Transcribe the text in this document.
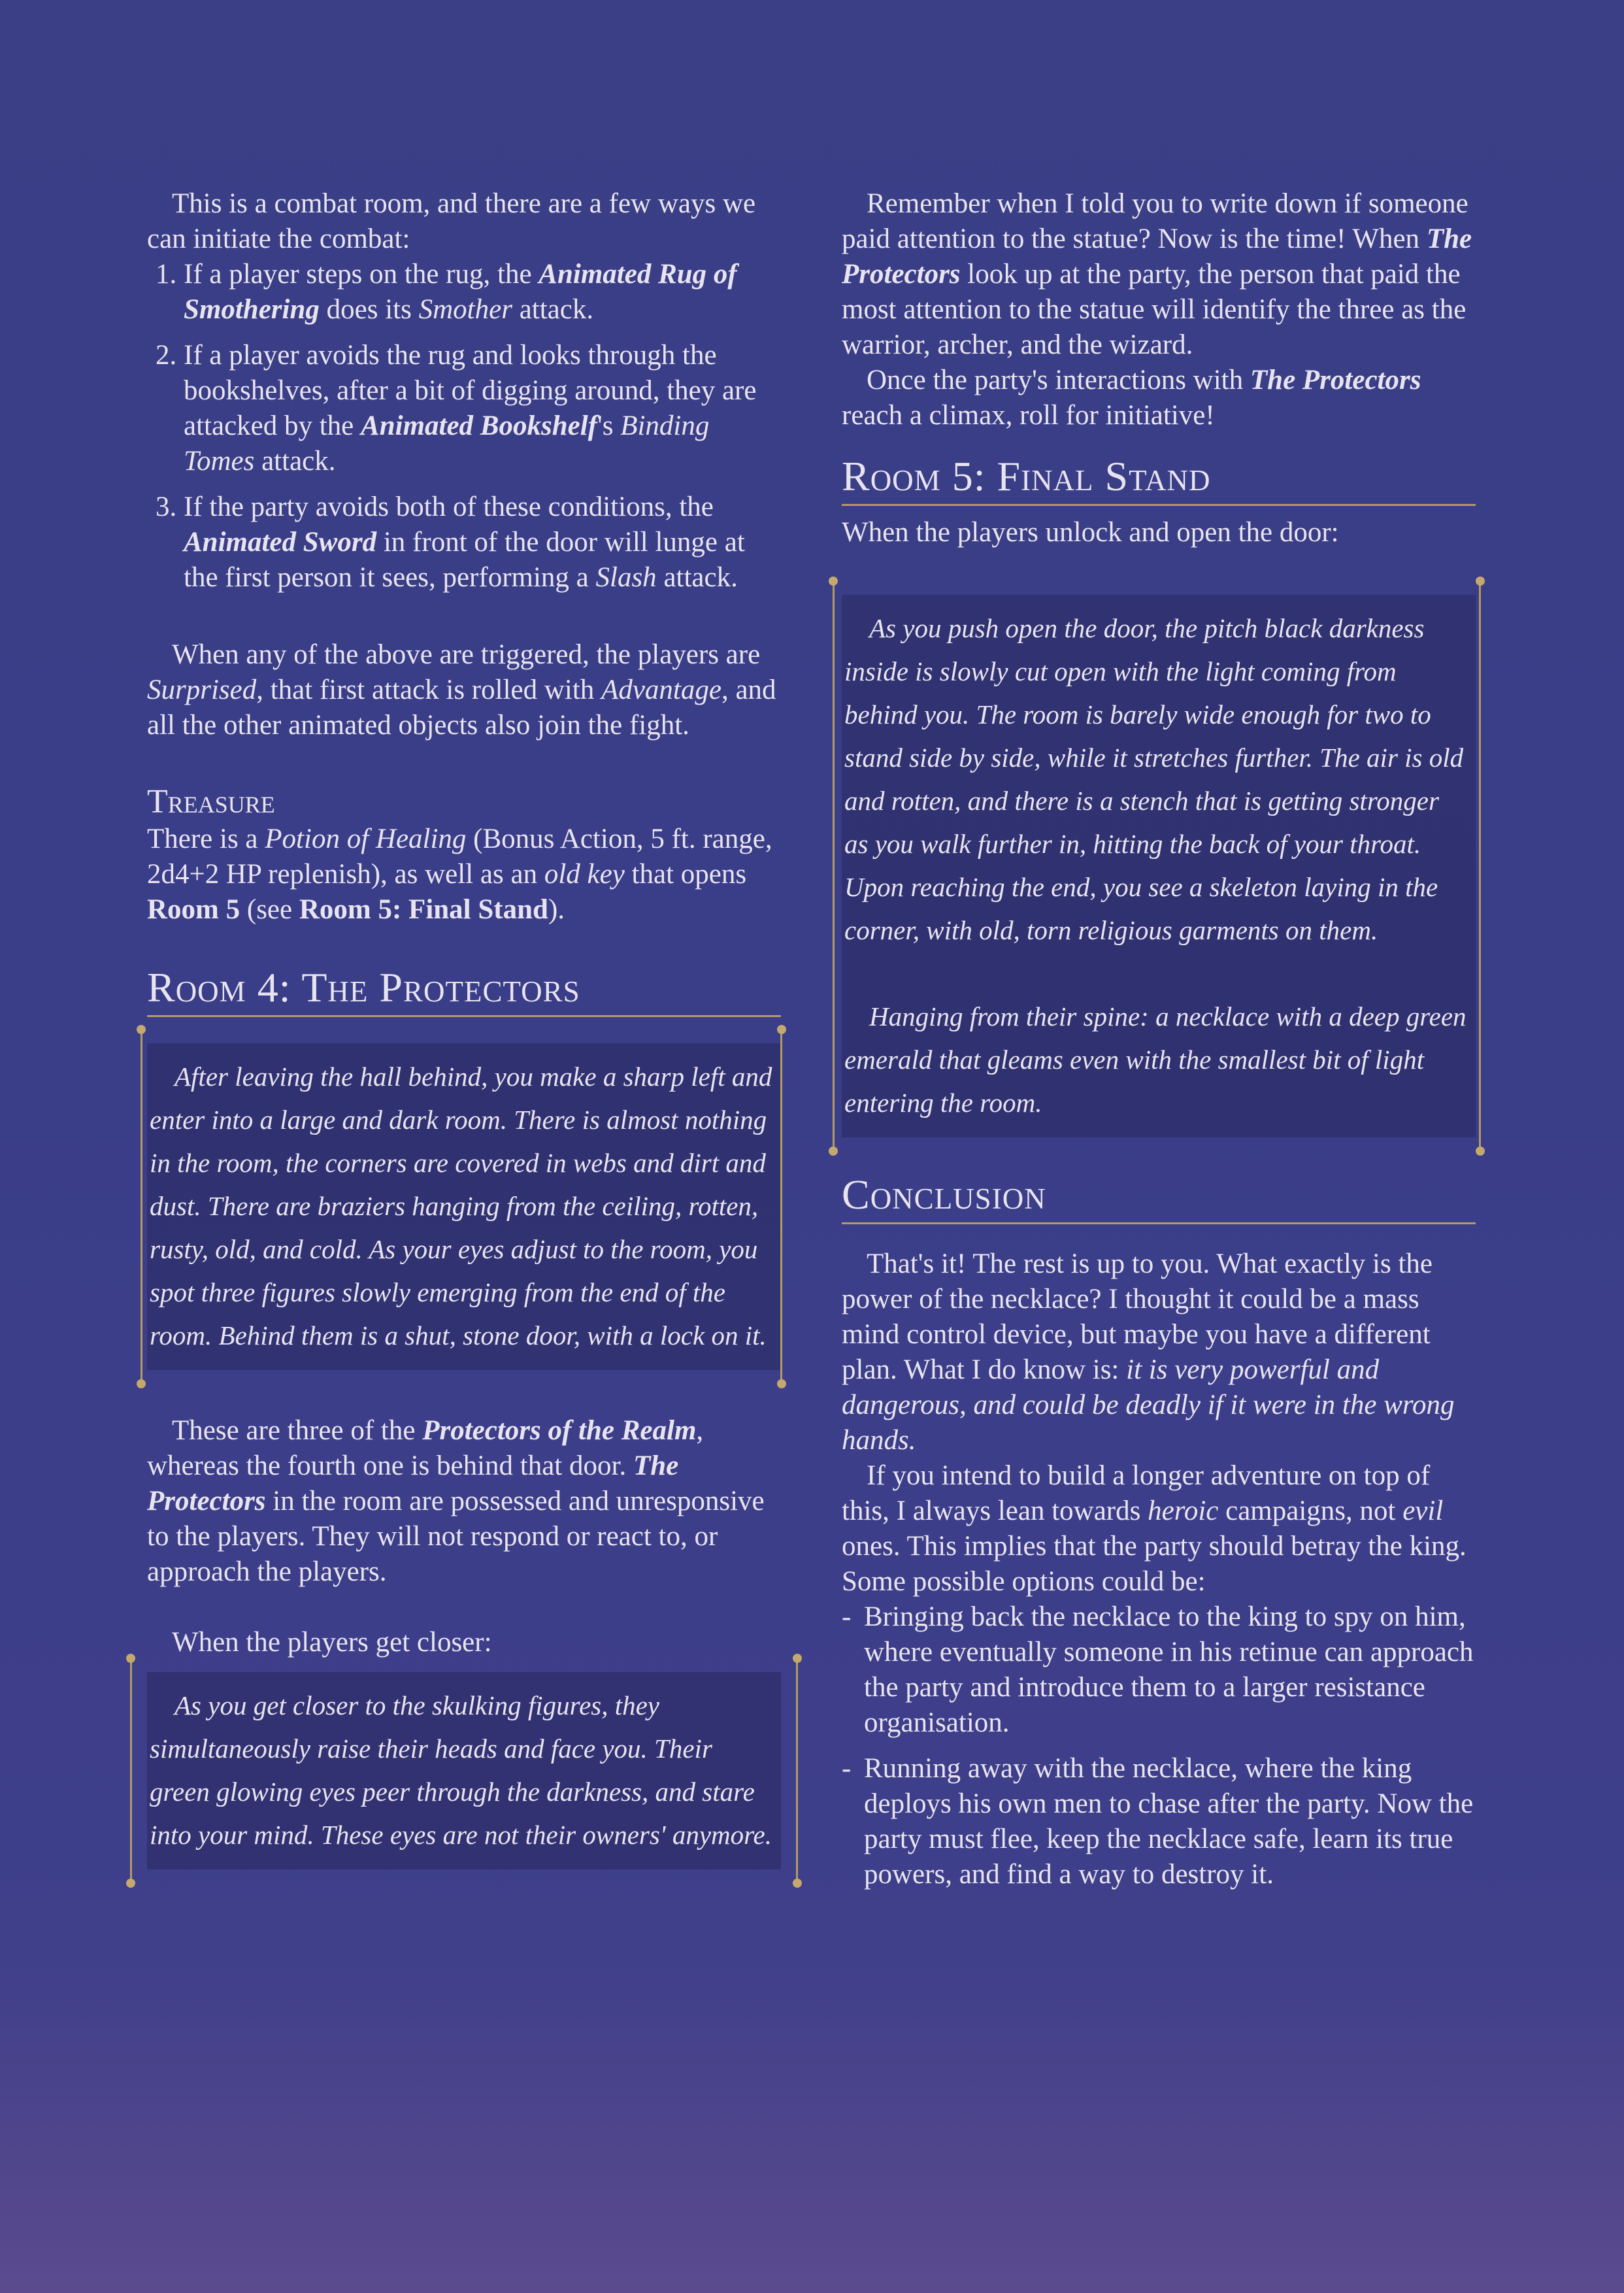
This is a combat room, and there are a few ways we can initiate the combat:

1. If a player steps on the rug, the Animated Rug of Smothering does its Smother attack.
2. If a player avoids the rug and looks through the bookshelves, after a bit of digging around, they are attacked by the Animated Bookshelf's Binding Tomes attack.
3. If the party avoids both of these conditions, the Animated Sword in front of the door will lunge at the first person it sees, performing a Slash attack.

When any of the above are triggered, the players are Surprised, that first attack is rolled with Advantage, and all the other animated objects also join the fight.

Treasure

There is a Potion of Healing (Bonus Action, 5 ft. range, 2d4+2 HP replenish), as well as an old key that opens Room 5 (see Room 5: Final Stand).

Room 4: The Protectors

After leaving the hall behind, you make a sharp left and enter into a large and dark room. There is almost nothing in the room, the corners are covered in webs and dirt and dust. There are braziers hanging from the ceiling, rotten, rusty, old, and cold. As your eyes adjust to the room, you spot three figures slowly emerging from the end of the room. Behind them is a shut, stone door, with a lock on it.

These are three of the Protectors of the Realm, whereas the fourth one is behind that door. The Protectors in the room are possessed and unresponsive to the players. They will not respond or react to, or approach the players.

When the players get closer:

As you get closer to the skulking figures, they simultaneously raise their heads and face you. Their green glowing eyes peer through the darkness, and stare into your mind. These eyes are not their owners' anymore.

Remember when I told you to write down if someone paid attention to the statue? Now is the time! When The Protectors look up at the party, the person that paid the most attention to the statue will identify the three as the warrior, archer, and the wizard.

Once the party's interactions with The Protectors reach a climax, roll for initiative!

Room 5: Final Stand

When the players unlock and open the door:

As you push open the door, the pitch black darkness inside is slowly cut open with the light coming from behind you. The room is barely wide enough for two to stand side by side, while it stretches further. The air is old and rotten, and there is a stench that is getting stronger as you walk further in, hitting the back of your throat. Upon reaching the end, you see a skeleton laying in the corner, with old, torn religious garments on them.

Hanging from their spine: a necklace with a deep green emerald that gleams even with the smallest bit of light entering the room.

Conclusion

That's it! The rest is up to you. What exactly is the power of the necklace? I thought it could be a mass mind control device, but maybe you have a different plan. What I do know is: it is very powerful and dangerous, and could be deadly if it were in the wrong hands.

If you intend to build a longer adventure on top of this, I always lean towards heroic campaigns, not evil ones. This implies that the party should betray the king. Some possible options could be:

- Bringing back the necklace to the king to spy on him, where eventually someone in his retinue can approach the party and introduce them to a larger resistance organisation.
- Running away with the necklace, where the king deploys his own men to chase after the party. Now the party must flee, keep the necklace safe, learn its true powers, and find a way to destroy it.
